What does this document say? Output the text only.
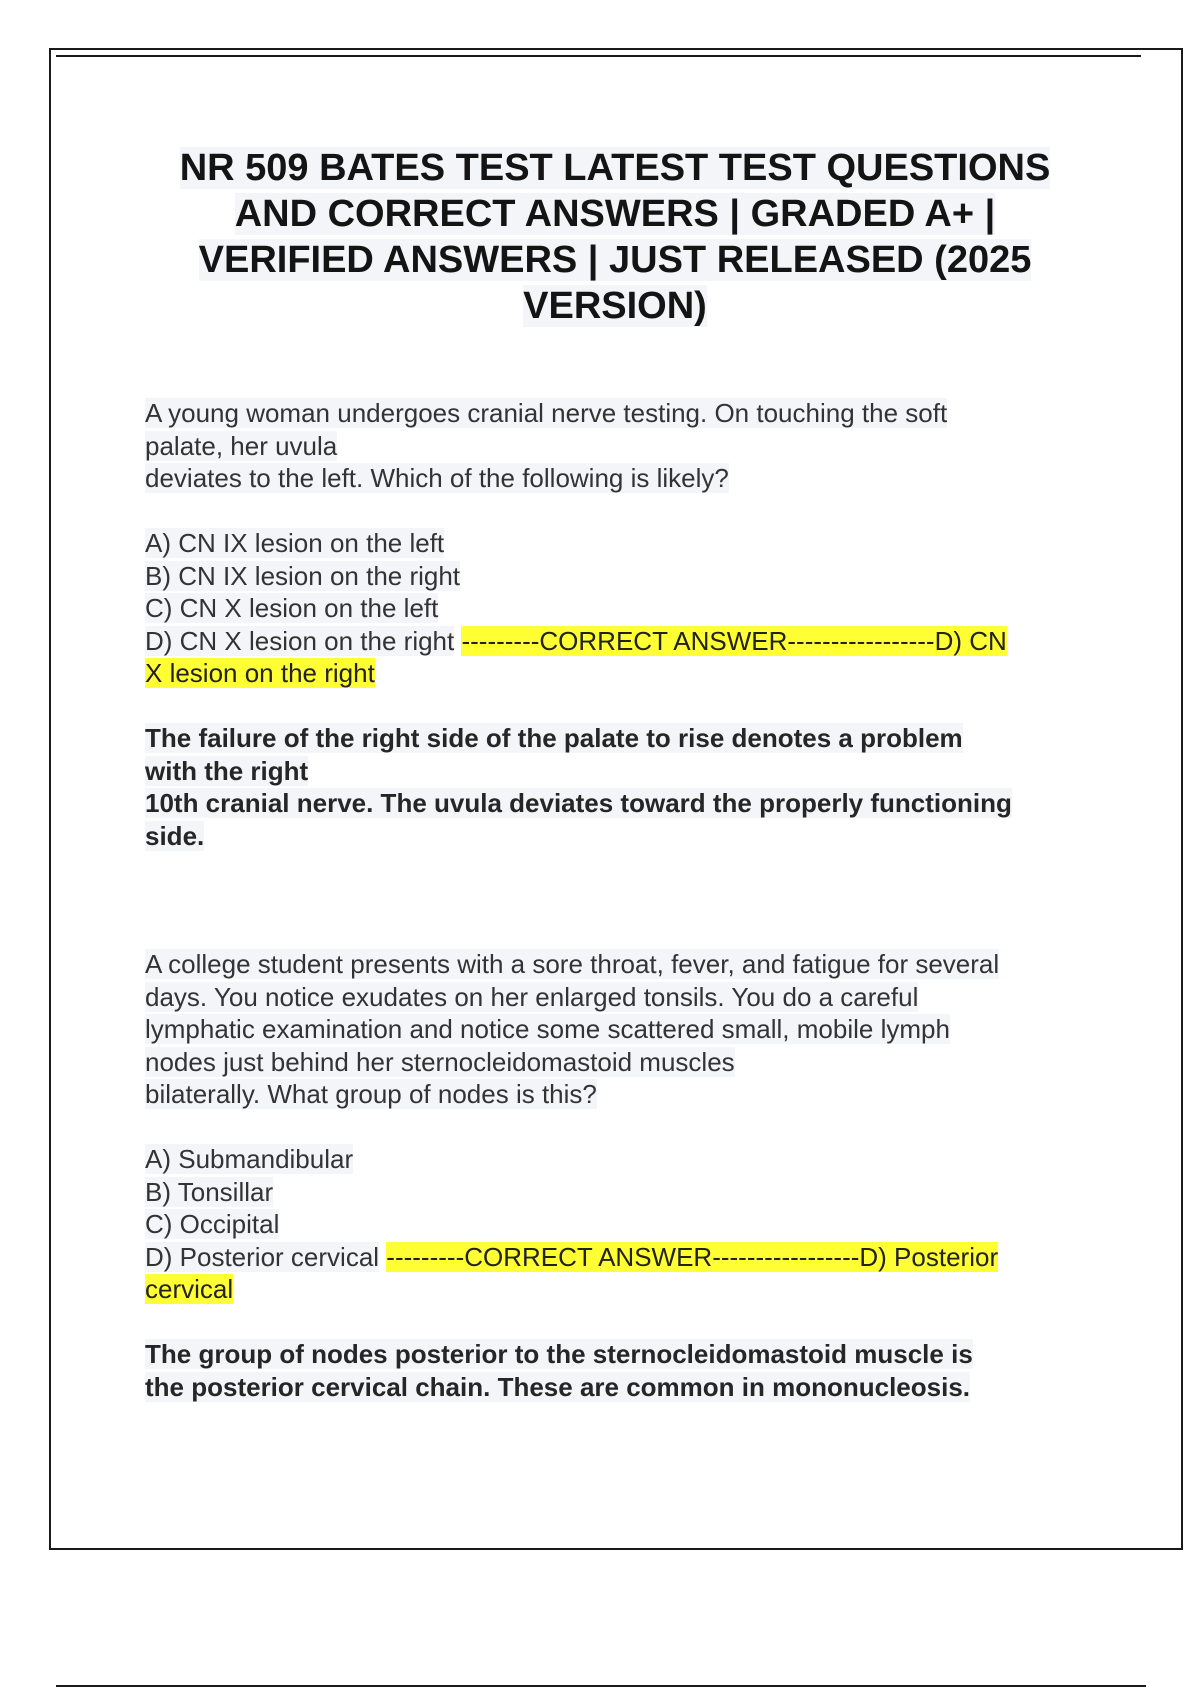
NR 509 BATES TEST LATEST TEST QUESTIONS
AND CORRECT ANSWERS | GRADED A+ |
VERIFIED ANSWERS | JUST RELEASED (2025
VERSION)

A young woman undergoes cranial nerve testing. On touching the soft

palate, her uvula

deviates to the left. Which of the following is likely?

A) CN IX lesion on the left

B) CN IX lesion on the right

C) CN X lesion on the left

D) CN X lesion on the right ---------CORRECT ANSWER-----------------D) CN

X lesion on the right

The failure of the right side of the palate to rise denotes a problem

with the right

10th cranial nerve. The uvula deviates toward the properly functioning

side.

A college student presents with a sore throat, fever, and fatigue for several

days. You notice exudates on her enlarged tonsils. You do a careful

lymphatic examination and notice some scattered small, mobile lymph

nodes just behind her sternocleidomastoid muscles

bilaterally. What group of nodes is this?

A) Submandibular

B) Tonsillar

C) Occipital

D) Posterior cervical ---------CORRECT ANSWER-----------------D) Posterior

cervical

The group of nodes posterior to the sternocleidomastoid muscle is

the posterior cervical chain. These are common in mononucleosis.
